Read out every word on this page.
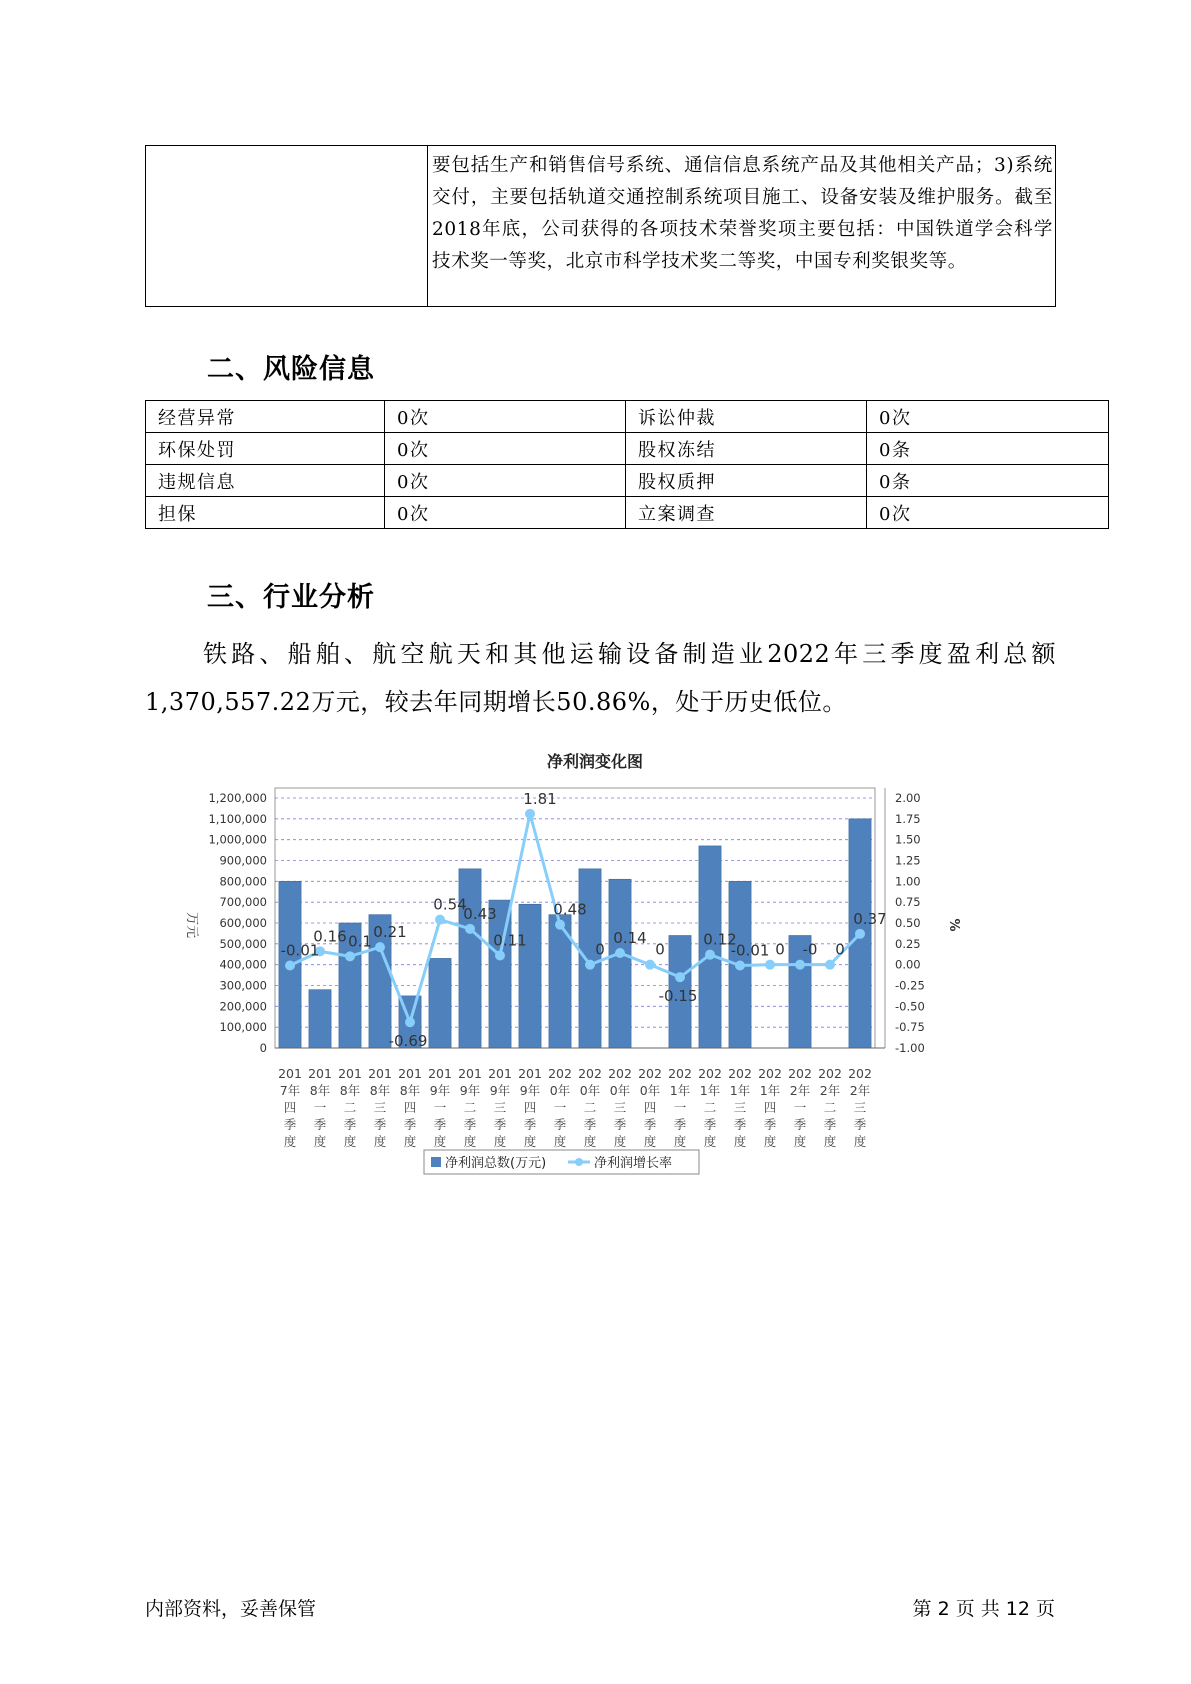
	要包括生产和销售信号系统、通信信息系统产品及其他相关产品；3)系统交付，主要包括轨道交通控制系统项目施工、设备安装及维护服务。截至2018年底，公司获得的各项技术荣誉奖项主要包括：中国铁道学会科学技术奖一等奖，北京市科学技术奖二等奖，中国专利奖银奖等。
二、风险信息
经营异常	0次	诉讼仲裁	0次
环保处罚	0次	股权冻结	0条
违规信息	0次	股权质押	0条
担保	0次	立案调查	0次
三、行业分析
铁路、船舶、航空航天和其他运输设备制造业2022年三季度盈利总额1,370,557.22万元，较去年同期增长50.86%，处于历史低位。
净利润变化图
0
100,000
200,000
300,000
400,000
500,000
600,000
700,000
800,000
900,000
1,000,000
1,100,000
1,200,000
-1.00
-0.75
-0.50
-0.25
0.00
0.25
0.50
0.75
1.00
1.25
1.50
1.75
2.00
万元	%
-0.01
0.16 0.1
0.21
-0.69
0.54
0.43
0.11
1.81
0.48
0
0.14
0
-0.15
0.12
-0.01 0 -0 0
0.37
201
7年
四
季
度
201
8年
一
季
度
201
8年
二
季
度
201
8年
三
季
度
201
8年
四
季
度
201
9年
一
季
度
201
9年
二
季
度
201
9年
三
季
度
201
9年
四
季
度
202
0年
一
季
度
202
0年
二
季
度
202
0年
三
季
度
202
0年
四
季
度
202
1年
一
季
度
202
1年
二
季
度
202
1年
三
季
度
202
1年
四
季
度
202
2年
一
季
度
202
2年
二
季
度
202
2年
三
季
度
净利润总数(万元)	净利润增长率
内部资料，妥善保管	第 2 页 共 12 页
